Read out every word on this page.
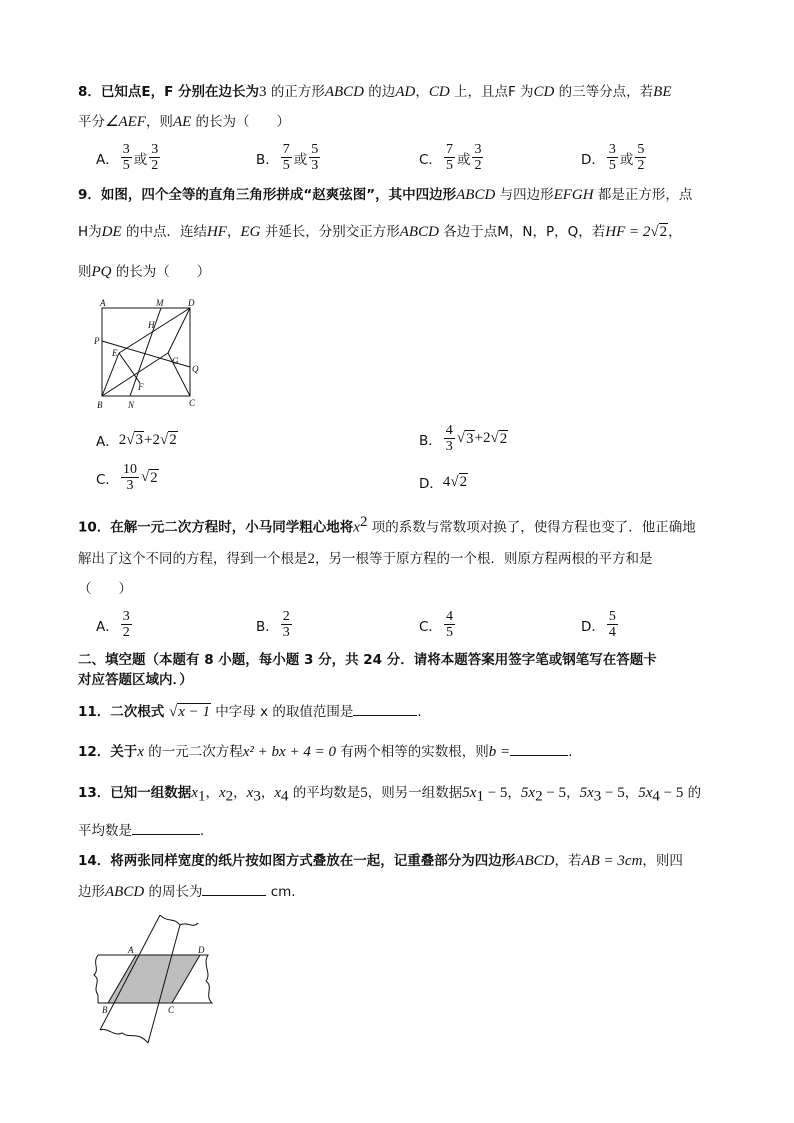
8．已知点E，F 分别在边长为3 的正方形ABCD 的边AD，CD 上，且点F 为CD 的三等分点，若BE
平分∠AEF，则AE 的长为（　　）
A． $\frac{3}{5}$ 或 $\frac{3}{2}$	B． $\frac{7}{5}$ 或 $\frac{5}{3}$	C． $\frac{7}{5}$ 或 $\frac{3}{2}$	D． $\frac{3}{5}$ 或 $\frac{5}{2}$
9．如图，四个全等的直角三角形拼成“赵爽弦图”，其中四边形ABCD 与四边形EFGH 都是正方形，点
H为DE 的中点．连结HF，EG 并延长，分别交正方形ABCD 各边于点M，N，P，Q，若HF = 2√2，
则PQ 的长为（　　）
A	M	D
H
P
E
G
Q
F
B	N	C
A． 2 √ 3 +2 √ 2	B． $\frac{4}{3}$ √ 3 +2 √ 2
C． $\frac{10}{3}$ √ 2	D． 4 √ 2
10．在解一元二次方程时，小马同学粗心地将$x^2$ 项的系数与常数项对换了，使得方程也变了．他正确地
解出了这个不同的方程，得到一个根是2，另一根等于原方程的一个根．则原方程两根的平方和是
（　　）
A． $\frac{3}{2}$	B． $\frac{2}{3}$	C． $\frac{4}{5}$	D． $\frac{5}{4}$
二、填空题（本题有 8 小题，每小题 3 分，共 24 分．请将本题答案用签字笔或钢笔写在答题卡
对应答题区域内．）
11．二次根式 √x − 1 中字母 x 的取值范围是	．
12．关于x 的一元二次方程x² + bx + 4 = 0 有两个相等的实数根，则b =	.
13．已知一组数据$x_1$，$x_2$，$x_3$，$x_4$ 的平均数是5，则另一组数据$5x_1 - 5$，$5x_2 - 5$，$5x_3 - 5$，$5x_4 - 5$ 的
平均数是	．
14．将两张同样宽度的纸片按如图方式叠放在一起，记重叠部分为四边形ABCD，若AB = 3cm，则四
边形ABCD 的周长为	cm．
A	D
B	C
